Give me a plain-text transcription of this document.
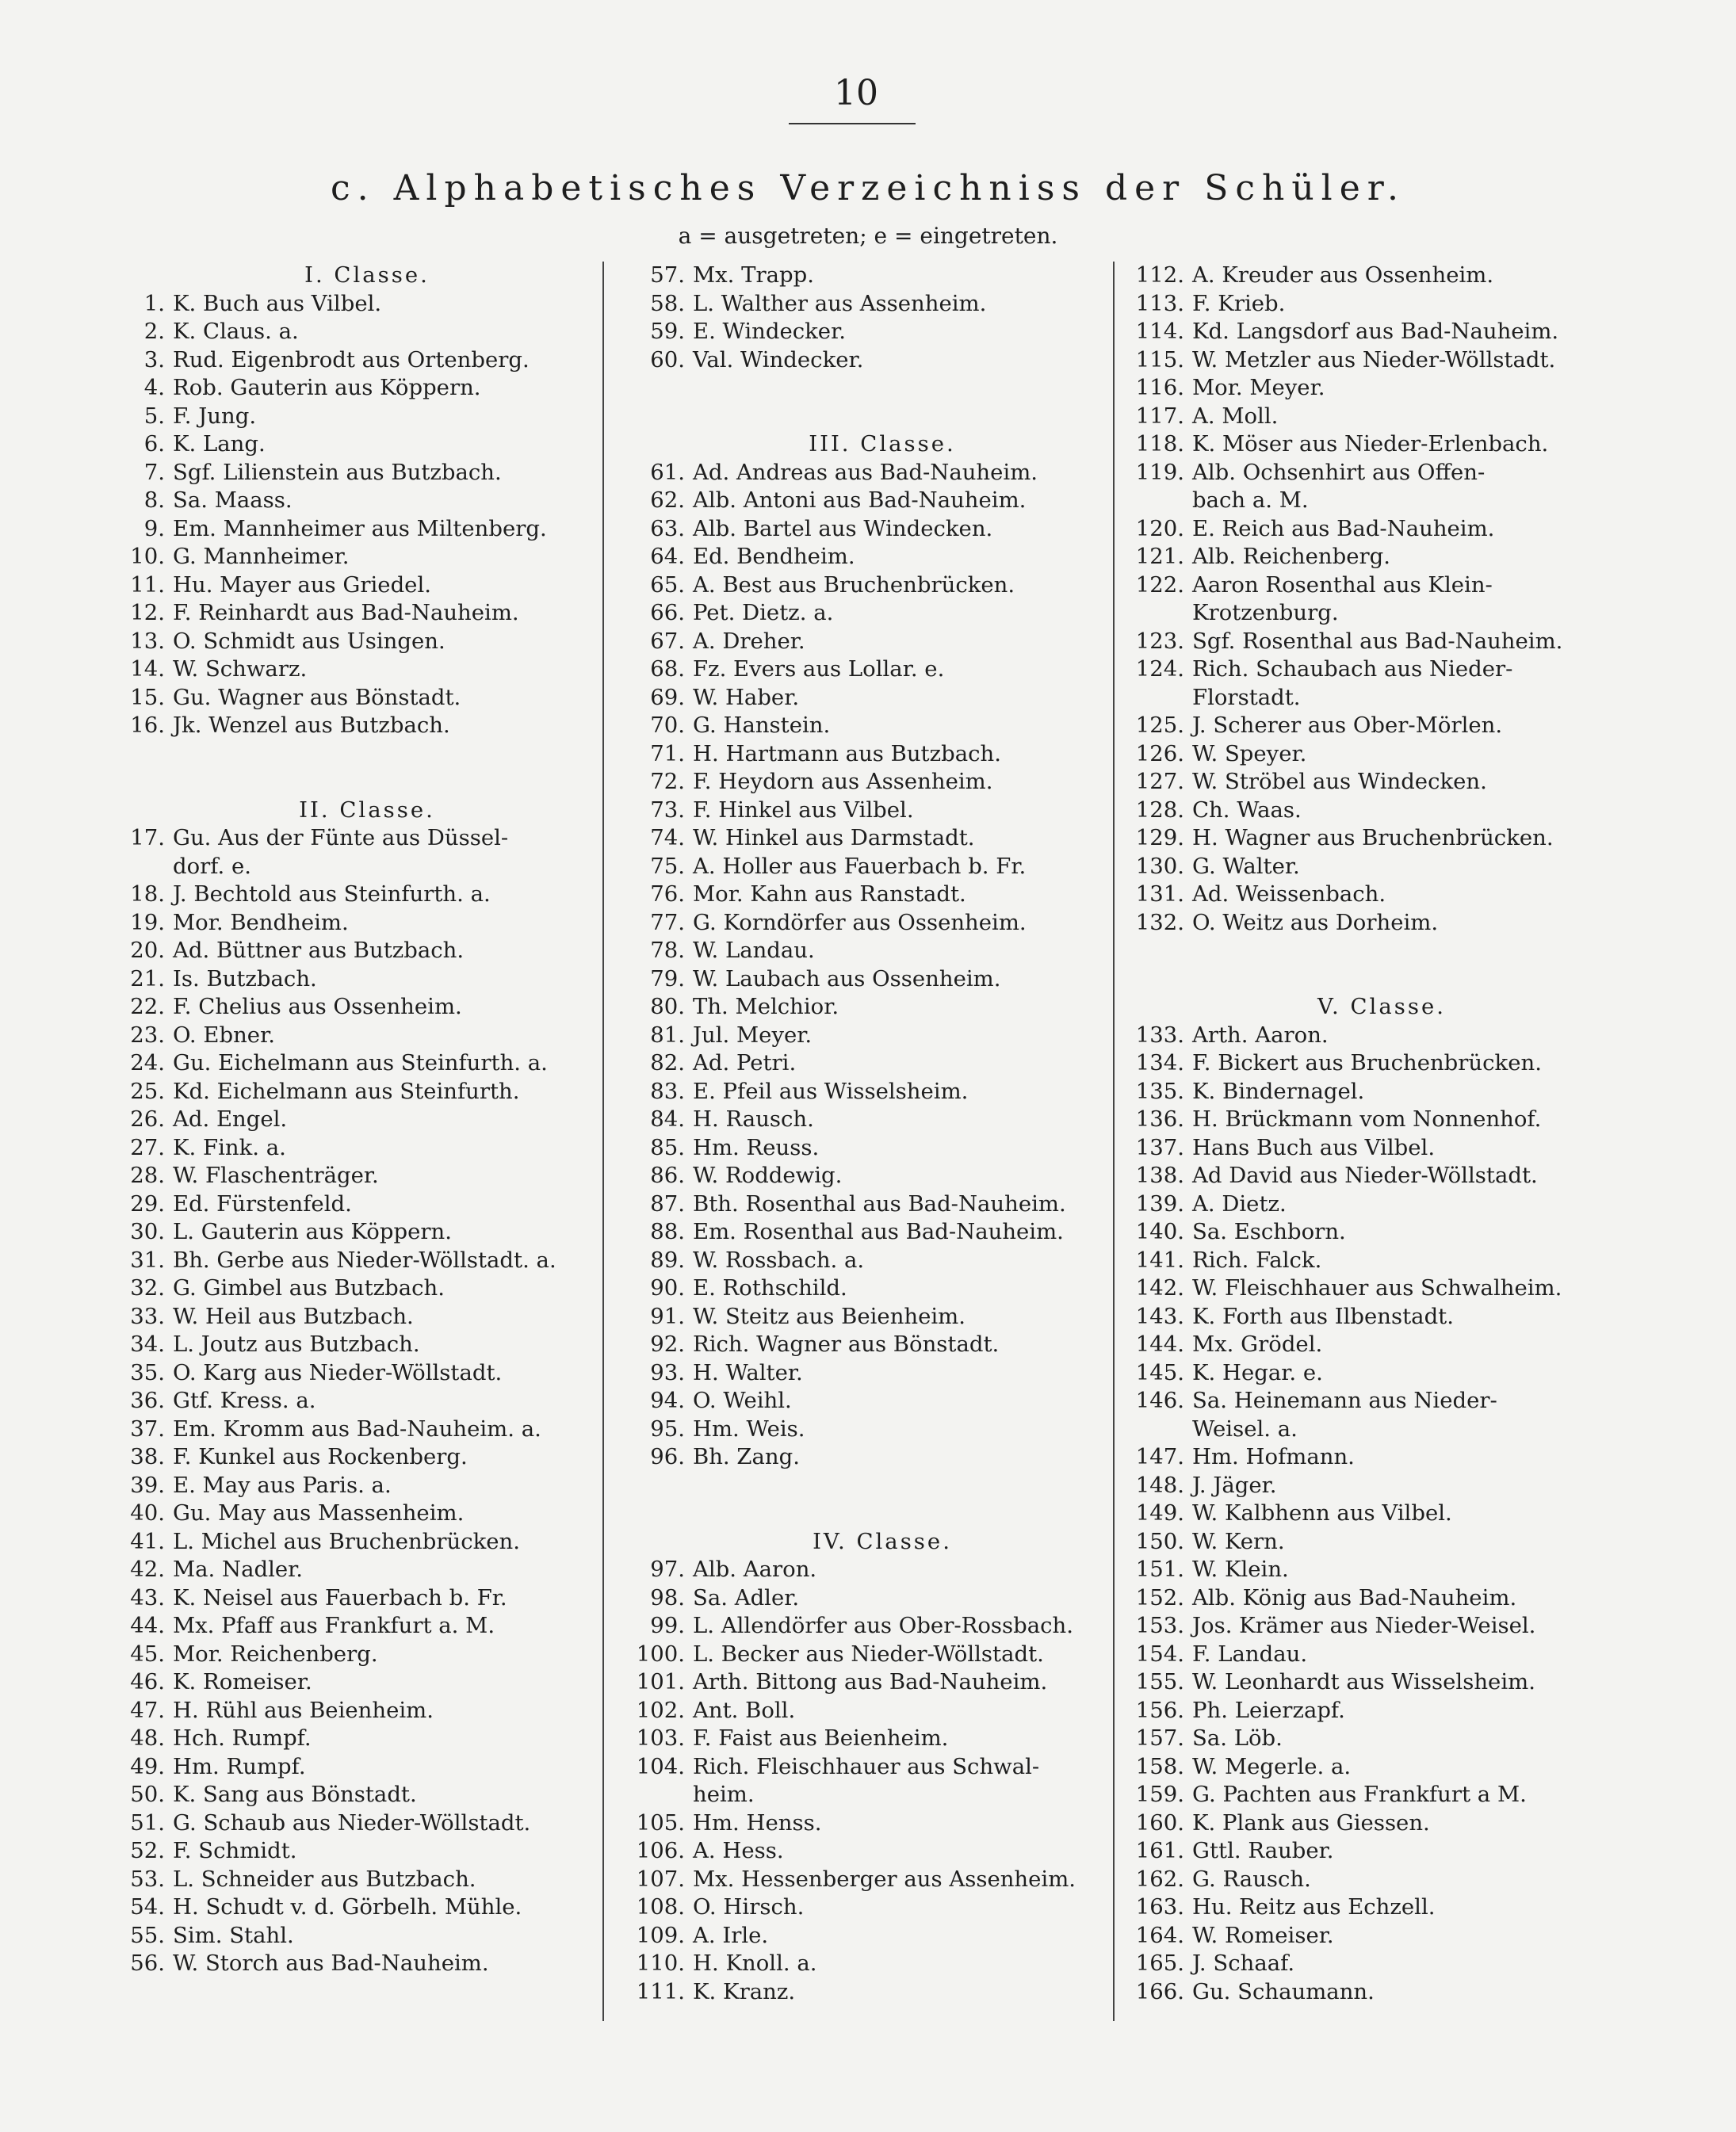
10
c. Alphabetisches Verzeichniss der Schüler.
a = ausgetreten; e = eingetreten.
I. Classe.
1. K. Buch aus Vilbel.
2. K. Claus. a.
3. Rud. Eigenbrodt aus Ortenberg.
4. Rob. Gauterin aus Köppern.
5. F. Jung.
6. K. Lang.
7. Sgf. Lilienstein aus Butzbach.
8. Sa. Maass.
9. Em. Mannheimer aus Miltenberg.
10. G. Mannheimer.
11. Hu. Mayer aus Griedel.
12. F. Reinhardt aus Bad-Nauheim.
13. O. Schmidt aus Usingen.
14. W. Schwarz.
15. Gu. Wagner aus Bönstadt.
16. Jk. Wenzel aus Butzbach.
II. Classe.
17. Gu. Aus der Fünte aus Düssel-
dorf. e.
18. J. Bechtold aus Steinfurth. a.
19. Mor. Bendheim.
20. Ad. Büttner aus Butzbach.
21. Is. Butzbach.
22. F. Chelius aus Ossenheim.
23. O. Ebner.
24. Gu. Eichelmann aus Steinfurth. a.
25. Kd. Eichelmann aus Steinfurth.
26. Ad. Engel.
27. K. Fink. a.
28. W. Flaschenträger.
29. Ed. Fürstenfeld.
30. L. Gauterin aus Köppern.
31. Bh. Gerbe aus Nieder-Wöllstadt. a.
32. G. Gimbel aus Butzbach.
33. W. Heil aus Butzbach.
34. L. Joutz aus Butzbach.
35. O. Karg aus Nieder-Wöllstadt.
36. Gtf. Kress. a.
37. Em. Kromm aus Bad-Nauheim. a.
38. F. Kunkel aus Rockenberg.
39. E. May aus Paris. a.
40. Gu. May aus Massenheim.
41. L. Michel aus Bruchenbrücken.
42. Ma. Nadler.
43. K. Neisel aus Fauerbach b. Fr.
44. Mx. Pfaff aus Frankfurt a. M.
45. Mor. Reichenberg.
46. K. Romeiser.
47. H. Rühl aus Beienheim.
48. Hch. Rumpf.
49. Hm. Rumpf.
50. K. Sang aus Bönstadt.
51. G. Schaub aus Nieder-Wöllstadt.
52. F. Schmidt.
53. L. Schneider aus Butzbach.
54. H. Schudt v. d. Görbelh. Mühle.
55. Sim. Stahl.
56. W. Storch aus Bad-Nauheim.
57. Mx. Trapp.
58. L. Walther aus Assenheim.
59. E. Windecker.
60. Val. Windecker.
III. Classe.
61. Ad. Andreas aus Bad-Nauheim.
62. Alb. Antoni aus Bad-Nauheim.
63. Alb. Bartel aus Windecken.
64. Ed. Bendheim.
65. A. Best aus Bruchenbrücken.
66. Pet. Dietz. a.
67. A. Dreher.
68. Fz. Evers aus Lollar. e.
69. W. Haber.
70. G. Hanstein.
71. H. Hartmann aus Butzbach.
72. F. Heydorn aus Assenheim.
73. F. Hinkel aus Vilbel.
74. W. Hinkel aus Darmstadt.
75. A. Holler aus Fauerbach b. Fr.
76. Mor. Kahn aus Ranstadt.
77. G. Korndörfer aus Ossenheim.
78. W. Landau.
79. W. Laubach aus Ossenheim.
80. Th. Melchior.
81. Jul. Meyer.
82. Ad. Petri.
83. E. Pfeil aus Wisselsheim.
84. H. Rausch.
85. Hm. Reuss.
86. W. Roddewig.
87. Bth. Rosenthal aus Bad-Nauheim.
88. Em. Rosenthal aus Bad-Nauheim.
89. W. Rossbach. a.
90. E. Rothschild.
91. W. Steitz aus Beienheim.
92. Rich. Wagner aus Bönstadt.
93. H. Walter.
94. O. Weihl.
95. Hm. Weis.
96. Bh. Zang.
IV. Classe.
97. Alb. Aaron.
98. Sa. Adler.
99. L. Allendörfer aus Ober-Rossbach.
100. L. Becker aus Nieder-Wöllstadt.
101. Arth. Bittong aus Bad-Nauheim.
102. Ant. Boll.
103. F. Faist aus Beienheim.
104. Rich. Fleischhauer aus Schwal-
heim.
105. Hm. Henss.
106. A. Hess.
107. Mx. Hessenberger aus Assenheim.
108. O. Hirsch.
109. A. Irle.
110. H. Knoll. a.
111. K. Kranz.
112. A. Kreuder aus Ossenheim.
113. F. Krieb.
114. Kd. Langsdorf aus Bad-Nauheim.
115. W. Metzler aus Nieder-Wöllstadt.
116. Mor. Meyer.
117. A. Moll.
118. K. Möser aus Nieder-Erlenbach.
119. Alb. Ochsenhirt aus Offen-
bach a. M.
120. E. Reich aus Bad-Nauheim.
121. Alb. Reichenberg.
122. Aaron Rosenthal aus Klein-
Krotzenburg.
123. Sgf. Rosenthal aus Bad-Nauheim.
124. Rich. Schaubach aus Nieder-
Florstadt.
125. J. Scherer aus Ober-Mörlen.
126. W. Speyer.
127. W. Ströbel aus Windecken.
128. Ch. Waas.
129. H. Wagner aus Bruchenbrücken.
130. G. Walter.
131. Ad. Weissenbach.
132. O. Weitz aus Dorheim.
V. Classe.
133. Arth. Aaron.
134. F. Bickert aus Bruchenbrücken.
135. K. Bindernagel.
136. H. Brückmann vom Nonnenhof.
137. Hans Buch aus Vilbel.
138. Ad David aus Nieder-Wöllstadt.
139. A. Dietz.
140. Sa. Eschborn.
141. Rich. Falck.
142. W. Fleischhauer aus Schwalheim.
143. K. Forth aus Ilbenstadt.
144. Mx. Grödel.
145. K. Hegar. e.
146. Sa. Heinemann aus Nieder-
Weisel. a.
147. Hm. Hofmann.
148. J. Jäger.
149. W. Kalbhenn aus Vilbel.
150. W. Kern.
151. W. Klein.
152. Alb. König aus Bad-Nauheim.
153. Jos. Krämer aus Nieder-Weisel.
154. F. Landau.
155. W. Leonhardt aus Wisselsheim.
156. Ph. Leierzapf.
157. Sa. Löb.
158. W. Megerle. a.
159. G. Pachten aus Frankfurt a M.
160. K. Plank aus Giessen.
161. Gttl. Rauber.
162. G. Rausch.
163. Hu. Reitz aus Echzell.
164. W. Romeiser.
165. J. Schaaf.
166. Gu. Schaumann.
